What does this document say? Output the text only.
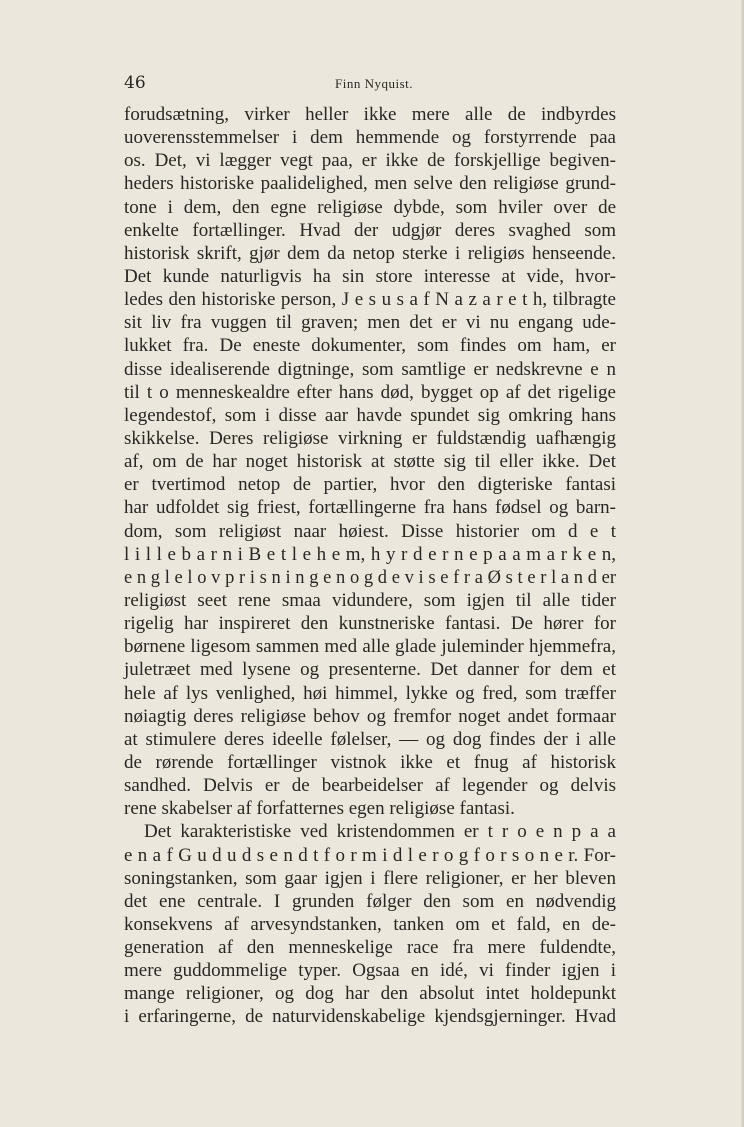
46	Finn Nyquist.
forudsætning, virker heller ikke mere alle de indbyrdes
uoverensstemmelser i dem hemmende og forstyrrende paa
os. Det, vi lægger vegt paa, er ikke de forskjellige begiven-
heders historiske paalidelighed, men selve den religiøse grund-
tone i dem, den egne religiøse dybde, som hviler over de
enkelte fortællinger. Hvad der udgjør deres svaghed som
historisk skrift, gjør dem da netop sterke i religiøs henseende.
Det kunde naturligvis ha sin store interesse at vide, hvor-
ledes den historiske person, J e s u s a f N a z a r e t h, tilbragte
sit liv fra vuggen til graven; men det er vi nu engang ude-
lukket fra. De eneste dokumenter, som findes om ham, er
disse idealiserende digtninge, som samtlige er nedskrevne e n
til t o menneskealdre efter hans død, bygget op af det rigelige
legendestof, som i disse aar havde spundet sig omkring hans
skikkelse. Deres religiøse virkning er fuldstændig uafhængig
af, om de har noget historisk at støtte sig til eller ikke. Det
er tvertimod netop de partier, hvor den digteriske fantasi
har udfoldet sig friest, fortællingerne fra hans fødsel og barn-
dom, som religiøst naar høiest. Disse historier om d e t
l i l l e b a r n i B e t l e h e m, h y r d e r n e p a a m a r k e n,
e n g l e l o v p r i s n i n g e n o g d e v i s e f r a Ø s t e r l a n d er
religiøst seet rene smaa vidundere, som igjen til alle tider
rigelig har inspireret den kunstneriske fantasi. De hører for
børnene ligesom sammen med alle glade juleminder hjemmefra,
juletræet med lysene og presenterne. Det danner for dem et
hele af lys venlighed, høi himmel, lykke og fred, som træffer
nøiagtig deres religiøse behov og fremfor noget andet formaar
at stimulere deres ideelle følelser, — og dog findes der i alle
de rørende fortællinger vistnok ikke et fnug af historisk
sandhed. Delvis er de bearbeidelser af legender og delvis
rene skabelser af forfatternes egen religiøse fantasi.
Det karakteristiske ved kristendommen er t r o e n p a a
e n a f G u d u d s e n d t f o r m i d l e r o g f o r s o n e r. For-
soningstanken, som gaar igjen i flere religioner, er her bleven
det ene centrale. I grunden følger den som en nødvendig
konsekvens af arvesyndstanken, tanken om et fald, en de-
generation af den menneskelige race fra mere fuldendte,
mere guddommelige typer. Ogsaa en idé, vi finder igjen i
mange religioner, og dog har den absolut intet holdepunkt
i erfaringerne, de naturvidenskabelige kjendsgjerninger. Hvad
